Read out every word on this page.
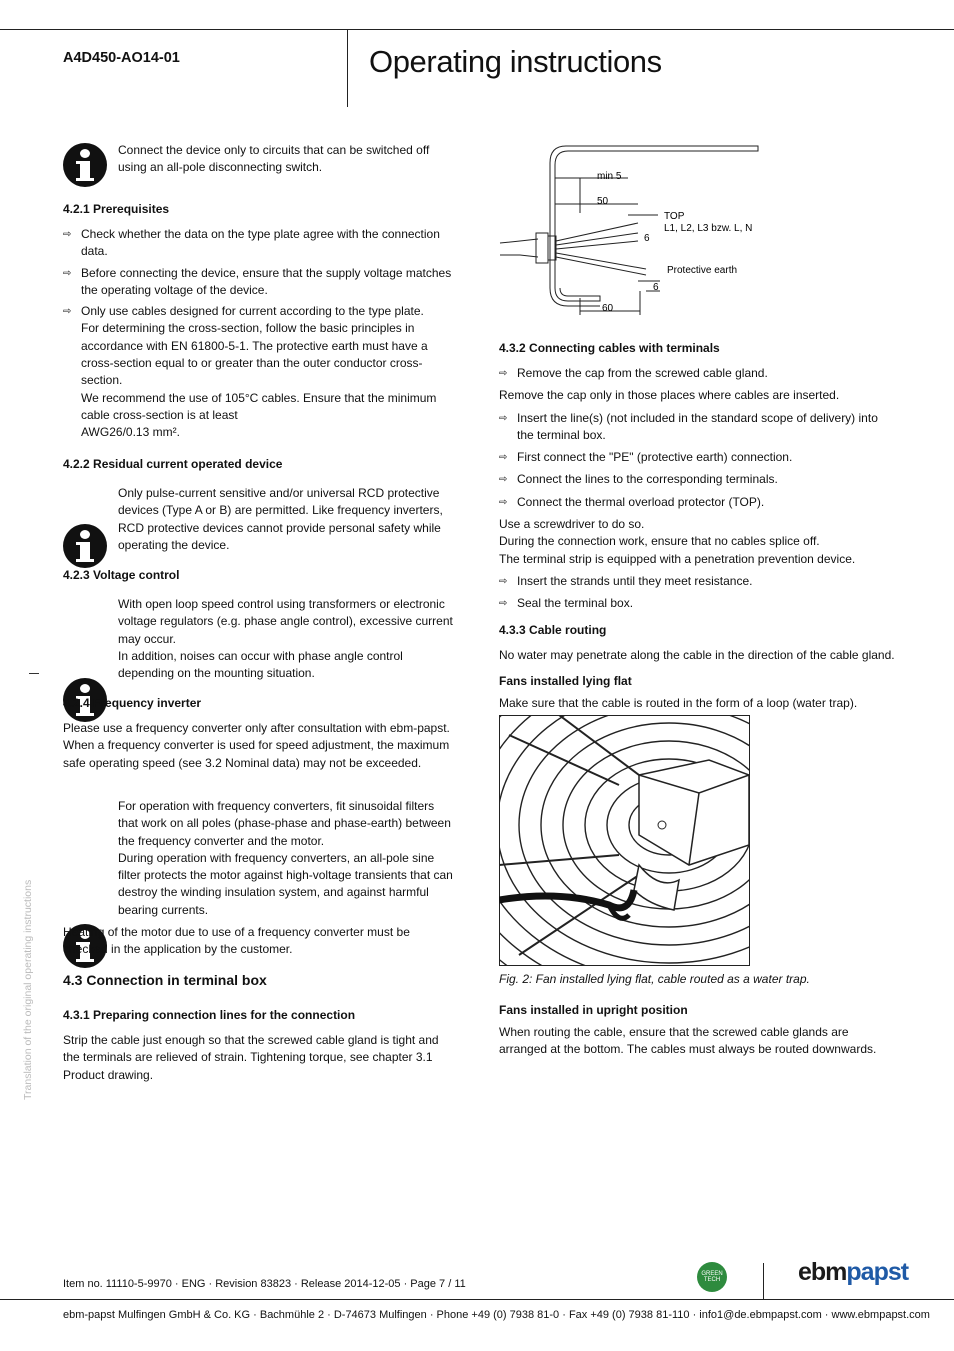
A4D450-AO14-01	Operating instructions
Translation of the original operating instructions
Connect the device only to circuits that can be switched off using an all-pole disconnecting switch.
4.2.1 Prerequisites
⇨ Check whether the data on the type plate agree with the connection data.
⇨ Before connecting the device, ensure that the supply voltage matches the operating voltage of the device.
⇨ Only use cables designed for current according to the type plate.

For determining the cross-section, follow the basic principles in accordance with EN 61800-5-1. The protective earth must have a cross-section equal to or greater than the outer conductor cross-section.

We recommend the use of 105°C cables. Ensure that the minimum cable cross-section is at least

AWG26/0.13 mm².

4.2.2 Residual current operated device
Only pulse-current sensitive and/or universal RCD protective devices (Type A or B) are permitted. Like frequency inverters, RCD protective devices cannot provide personal safety while operating the device.
4.2.3 Voltage control

With open loop speed control using transformers or electronic voltage regulators (e.g. phase angle control), excessive current may occur.

In addition, noises can occur with phase angle control depending on the mounting situation.

4.2.4 Frequency inverter
Please use a frequency converter only after consultation with ebm-papst. When a frequency converter is used for speed adjustment, the maximum safe operating speed (see 3.2 Nominal data) may not be exceeded.

For operation with frequency converters, fit sinusoidal filters that work on all poles (phase-phase and phase-earth) between the frequency converter and the motor.

During operation with frequency converters, an all-pole sine filter protects the motor against high-voltage transients that can destroy the winding insulation system, and against harmful bearing currents.

Heating of the motor due to use of a frequency converter must be checked in the application by the customer.
4.3 Connection in terminal box
4.3.1 Preparing connection lines for the connection
Strip the cable just enough so that the screwed cable gland is tight and the terminals are relieved of strain. Tightening torque, see chapter 3.1 Product drawing.
min 5
50
TOP
L1, L2, L3 bzw. L, N
6
Protective earth
6
60
4.3.2 Connecting cables with terminals
⇨ Remove the cap from the screwed cable gland.

Remove the cap only in those places where cables are inserted.

⇨ Insert the line(s) (not included in the standard scope of delivery) into the terminal box.
⇨ First connect the "PE" (protective earth) connection.
⇨ Connect the lines to the corresponding terminals.
⇨ Connect the thermal overload protector (TOP).

Use a screwdriver to do so.

During the connection work, ensure that no cables splice off.

The terminal strip is equipped with a penetration prevention device.

⇨ Insert the strands until they meet resistance.
⇨ Seal the terminal box.
4.3.3 Cable routing
No water may penetrate along the cable in the direction of the cable gland.
Fans installed lying flat
Make sure that the cable is routed in the form of a loop (water trap).
Fig. 2: Fan installed lying flat, cable routed as a water trap.
Fans installed in upright position
When routing the cable, ensure that the screwed cable glands are arranged at the bottom. The cables must always be routed downwards.
Item no. 11110-5-9970 · ENG · Revision 83823 · Release 2014-12-05 · Page 7 / 11
GREEN TECH	ebmpapst
ebm-papst Mulfingen GmbH & Co. KG · Bachmühle 2 · D-74673 Mulfingen · Phone +49 (0) 7938 81-0 · Fax +49 (0) 7938 81-110 · info1@de.ebmpapst.com · www.ebmpapst.com
